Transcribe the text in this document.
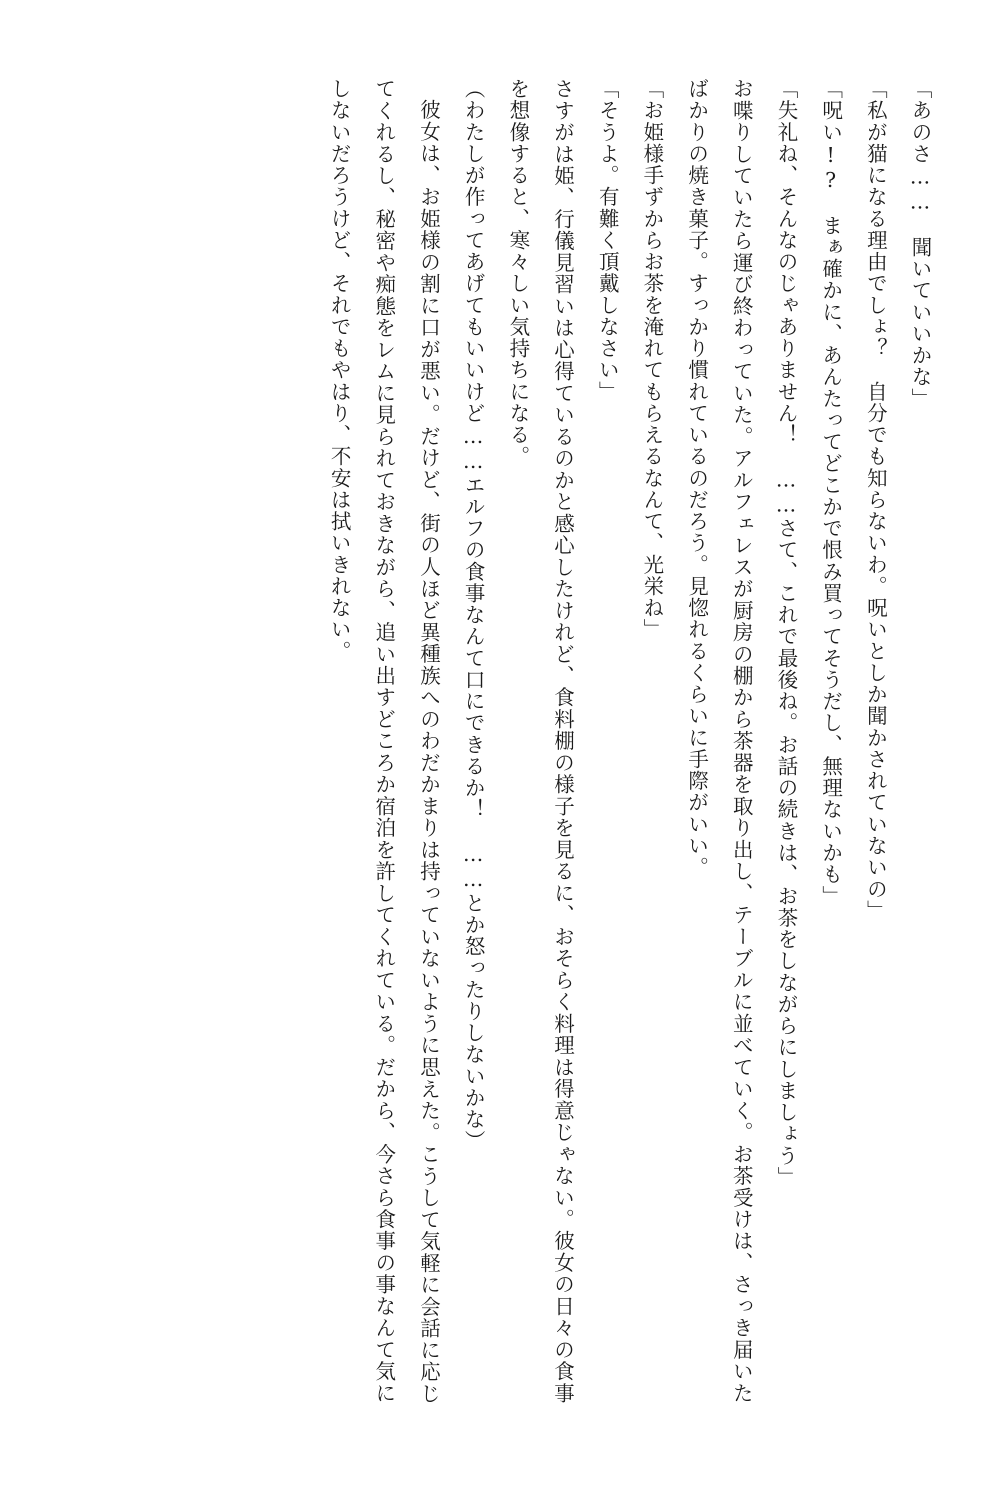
「あのさ……　聞いていいかな」

「私が猫になる理由でしょ？　自分でも知らないわ。呪いとしか聞かされていないの」

「呪い!?　まぁ確かに、あんたってどこかで恨み買ってそうだし、無理ないかも」

「失礼ね、そんなのじゃありません！　……さて、これで最後ね。お話の続きは、お茶をしながらにしましょう」

お喋りしていたら運び終わっていた。アルフェレスが厨房の棚から茶器を取り出し、テーブルに並べていく。お茶受けは、さっき届いたばかりの焼き菓子。すっかり慣れているのだろう。見惚れるくらいに手際がいい。

「お姫様手ずからお茶を淹れてもらえるなんて、光栄ね」

「そうよ。有難く頂戴しなさい」

さすがは姫、行儀見習いは心得ているのかと感心したけれど、食料棚の様子を見るに、おそらく料理は得意じゃない。彼女の日々の食事を想像すると、寒々しい気持ちになる。

（わたしが作ってあげてもいいけど……エルフの食事なんて口にできるか！　……とか怒ったりしないかな）

彼女は、お姫様の割に口が悪い。だけど、街の人ほど異種族へのわだかまりは持っていないように思えた。こうして気軽に会話に応じてくれるし、秘密や痴態をレムに見られておきながら、追い出すどころか宿泊を許してくれている。だから、今さら食事の事なんて気にしないだろうけど、それでもやはり、不安は拭いきれない。
